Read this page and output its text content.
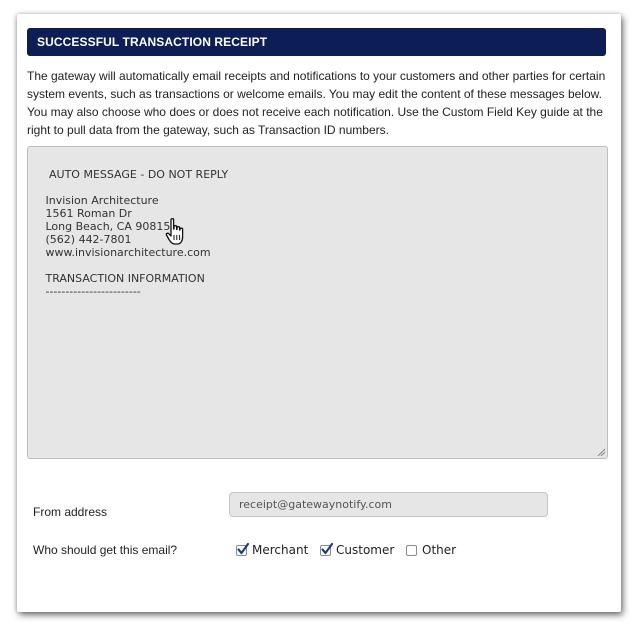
SUCCESSFUL TRANSACTION RECEIPT
The gateway will automatically email receipts and notifications to your customers and other parties for certain system events, such as transactions or welcome emails. You may edit the content of these messages below. You may also choose who does or does not receive each notification. Use the Custom Field Key guide at the right to pull data from the gateway, such as Transaction ID numbers.

AUTO MESSAGE - DO NOT REPLY

Invision Architecture
1561 Roman Dr
Long Beach, CA 90815
(562) 442-7801
www.invisionarchitecture.com

TRANSACTION INFORMATION
------------------------

From address
receipt@gatewaynotify.com
Who should get this email?	Merchant Customer Other
